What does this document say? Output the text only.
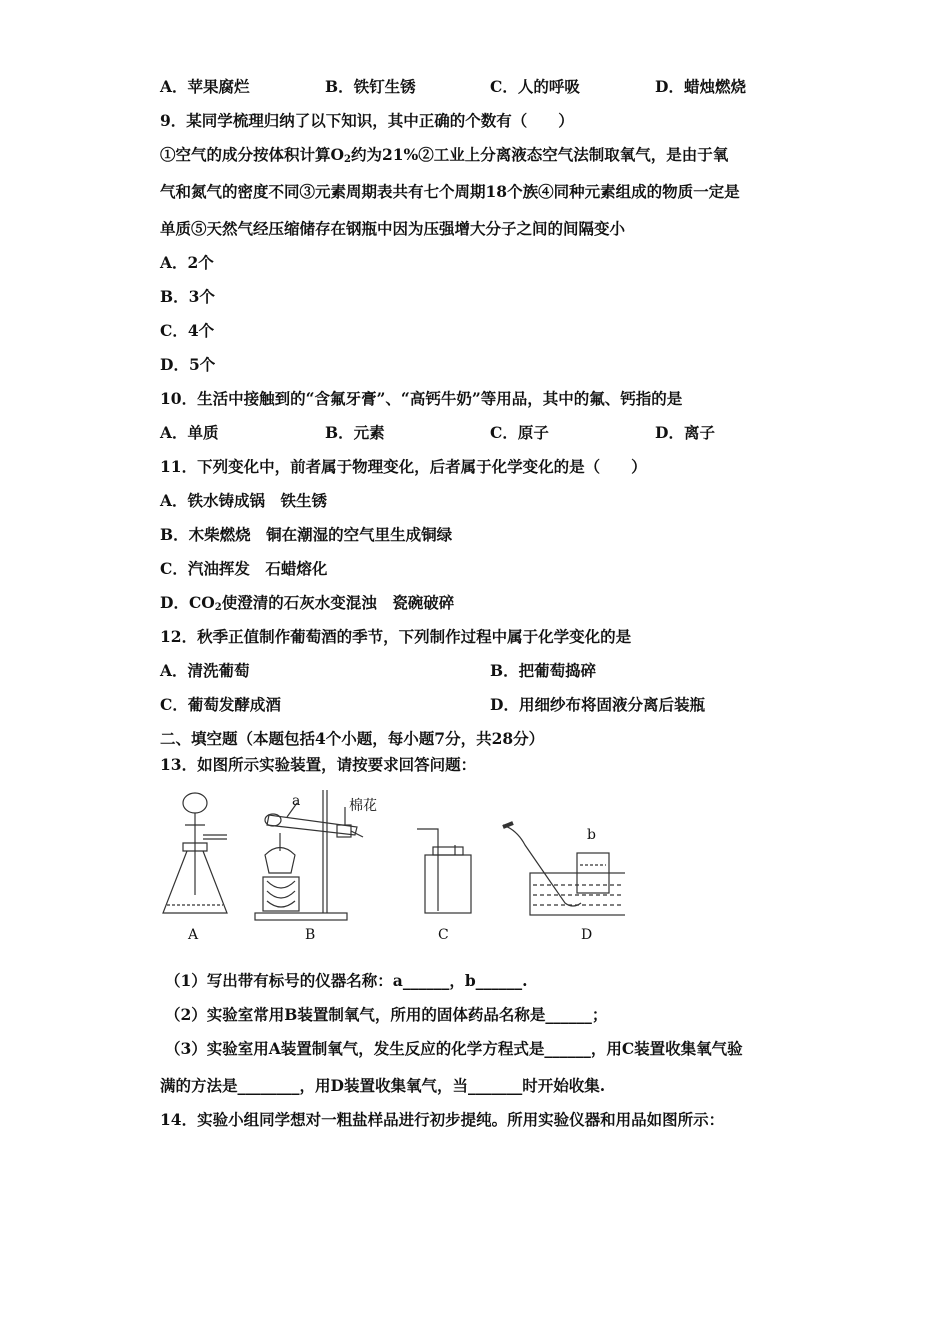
A．苹果腐烂	B．铁钉生锈	C．人的呼吸	D．蜡烛燃烧
9．某同学梳理归纳了以下知识，其中正确的个数有（　　）
①空气的成分按体积计算$O_2$约为21%②工业上分离液态空气法制取氧气，是由于氧
气和氮气的密度不同③元素周期表共有七个周期18个族④同种元素组成的物质一定是
单质⑤天然气经压缩储存在钢瓶中因为压强增大分子之间的间隔变小
A．2个
B．3个
C．4个
D．5个
10．生活中接触到的“含氟牙膏”、“高钙牛奶”等用品，其中的氟、钙指的是
A．单质	B．元素	C．原子	D．离子
11．下列变化中，前者属于物理变化，后者属于化学变化的是（　　）
A．铁水铸成锅　铁生锈
B．木柴燃烧　铜在潮湿的空气里生成铜绿
C．汽油挥发　石蜡熔化
D．$CO_2$使澄清的石灰水变混浊　瓷碗破碎
12．秋季正值制作葡萄酒的季节，下列制作过程中属于化学变化的是
A．清洗葡萄	B．把葡萄捣碎
C．葡萄发酵成酒	D．用细纱布将固液分离后装瓶
二、填空题（本题包括4个小题，每小题7分，共28分）
13．如图所示实验装置，请按要求回答问题：
A	B	C	D
a	棉花
b
（1）写出带有标号的仪器名称：a______，b______.
（2）实验室常用B装置制氧气，所用的固体药品名称是______；
（3）实验室用A装置制氧气，发生反应的化学方程式是______，用C装置收集氧气验
满的方法是________，用D装置收集氧气，当_______时开始收集.
14．实验小组同学想对一粗盐样品进行初步提纯。所用实验仪器和用品如图所示：
